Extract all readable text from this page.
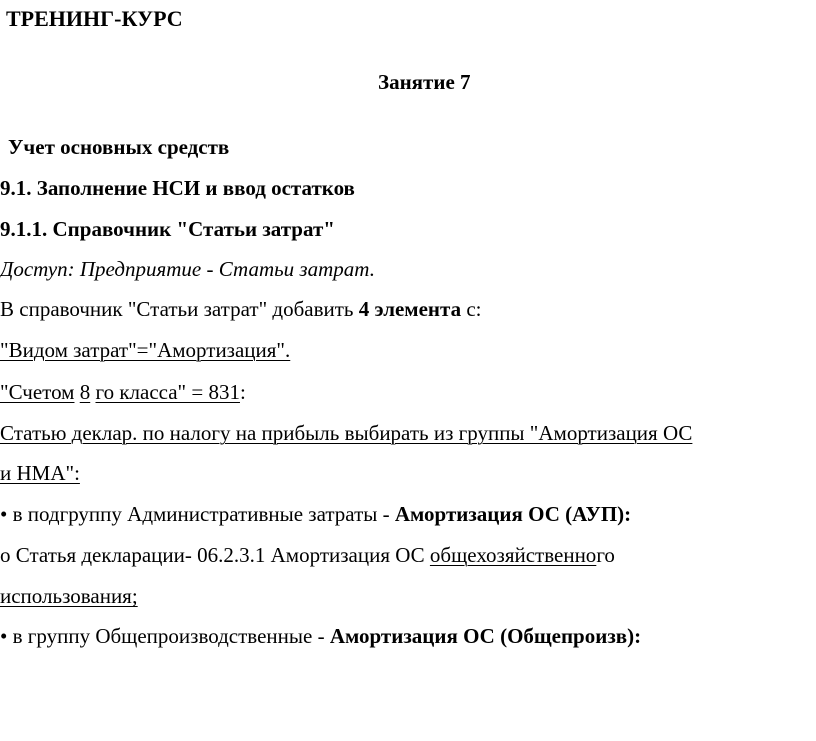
ТРЕНИНГ-КУРС
Занятие 7
Учет основных средств
9.1. Заполнение НСИ и ввод остатков
9.1.1. Справочник "Статьи затрат"
Доступ: Предприятие - Статьи затрат.
В справочник "Статьи затрат" добавить 4 элемента с:
"Видом затрат"="Амортизация".
"Счетом 8 го класса" = 831:
Статью деклар. по налогу на прибыль выбирать из группы "Амортизация ОС
и НМА":
• в подгруппу Административные затраты - Амортизация ОС (АУП):
о Статья декларации- 06.2.3.1 Амортизация ОС общехозяйственного
использования;
• в группу Общепроизводственные - Амортизация ОС (Общепроизв):
